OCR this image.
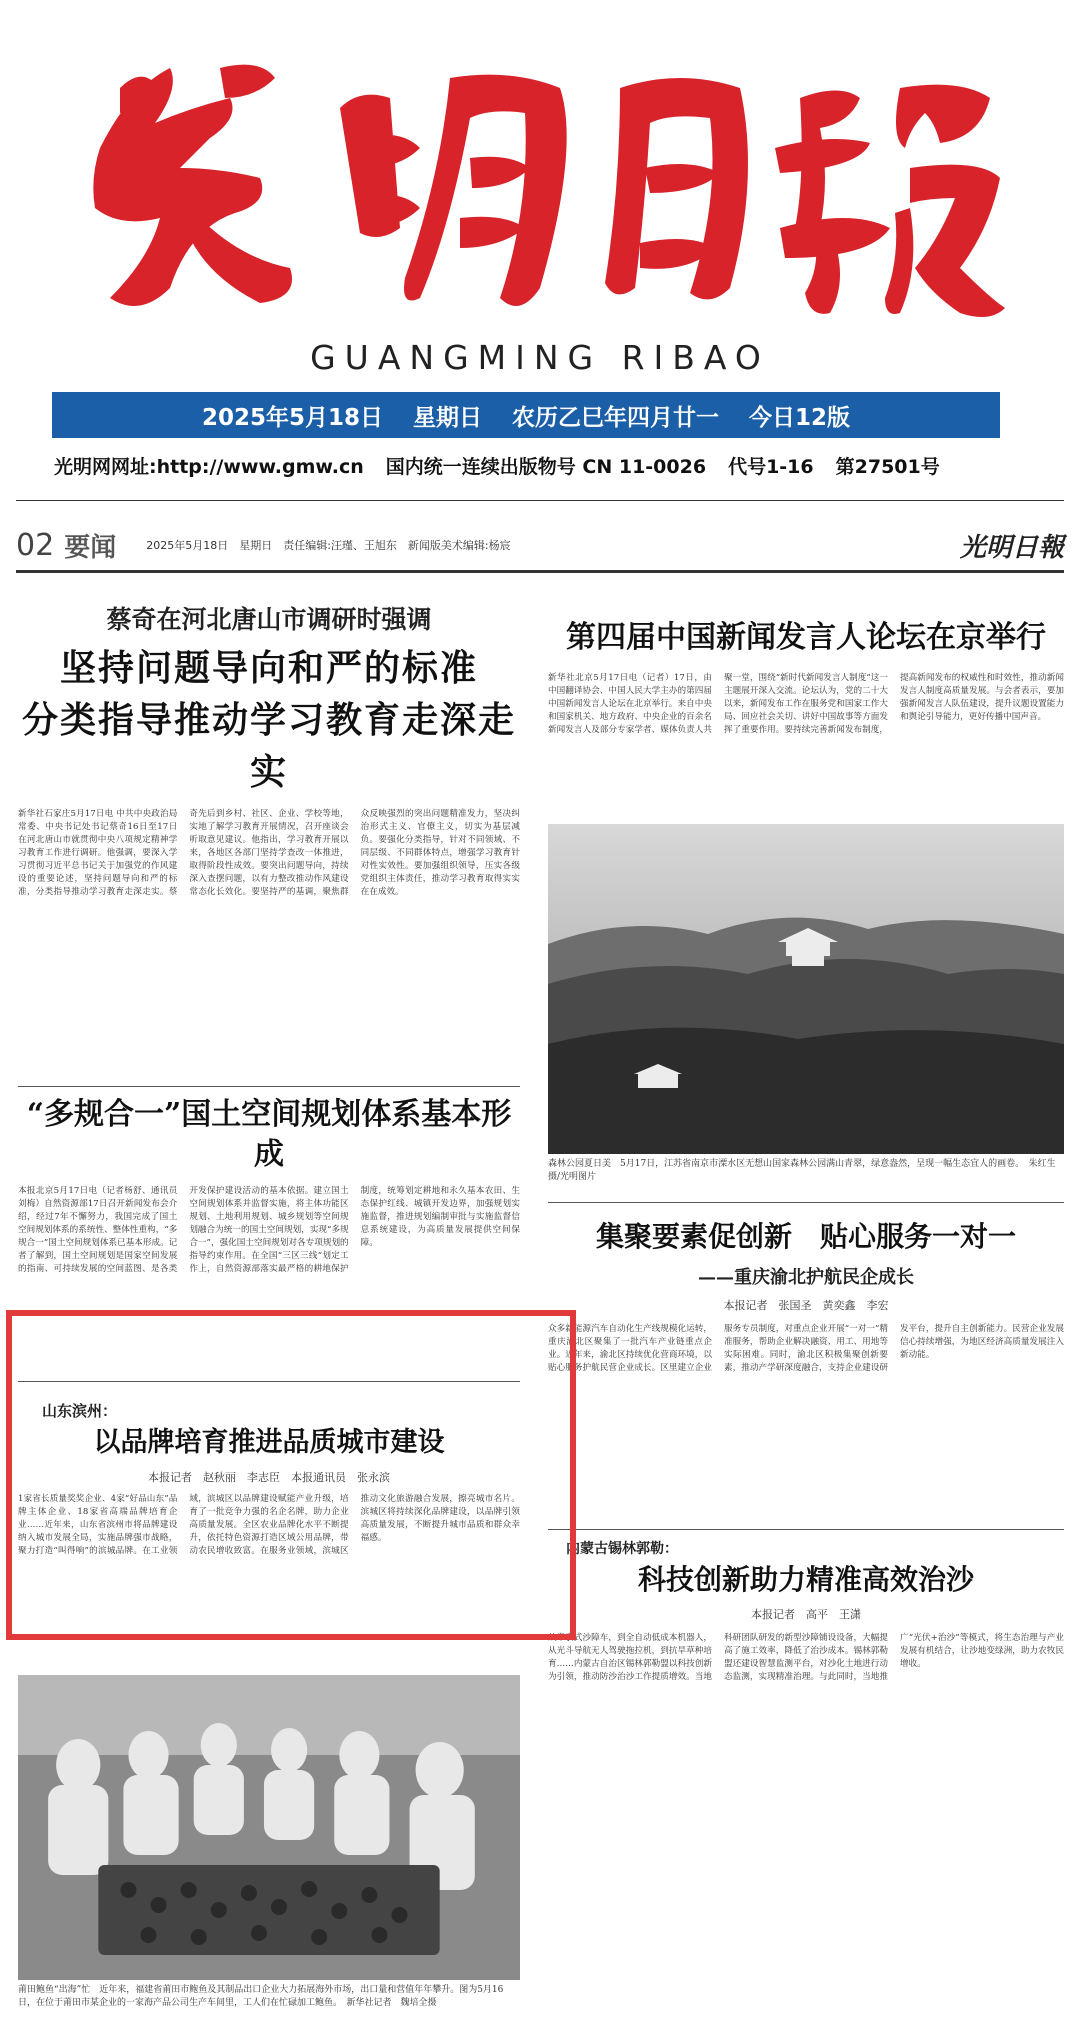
GUANGMING RIBAO
2025年5月18日 星期日 农历乙巳年四月廿一 今日12版
光明网网址:http://www.gmw.cn 国内统一连续出版物号 CN 11-0026 代号1-16 第27501号
02 要闻	2025年5月18日　星期日　责任编辑:汪瑾、王旭东　新闻版美术编辑:杨宸	光明日報
蔡奇在河北唐山市调研时强调
坚持问题导向和严的标准
分类指导推动学习教育走深走实
新华社石家庄5月17日电 中共中央政治局常委、中央书记处书记蔡奇16日至17日在河北唐山市就贯彻中央八项规定精神学习教育工作进行调研。他强调，要深入学习贯彻习近平总书记关于加强党的作风建设的重要论述，坚持问题导向和严的标准，分类指导推动学习教育走深走实。蔡奇先后到乡村、社区、企业、学校等地，实地了解学习教育开展情况，召开座谈会听取意见建议。他指出，学习教育开展以来，各地区各部门坚持学查改一体推进，取得阶段性成效。要突出问题导向，持续深入查摆问题，以有力整改推动作风建设常态化长效化。要坚持严的基调，聚焦群众反映强烈的突出问题精准发力，坚决纠治形式主义、官僚主义，切实为基层减负。要强化分类指导，针对不同领域、不同层级、不同群体特点，增强学习教育针对性实效性。要加强组织领导，压实各级党组织主体责任，推动学习教育取得实实在在成效。
“多规合一”国土空间规划体系基本形成
本报北京5月17日电（记者杨舒、通讯员刘梅）自然资源部17日召开新闻发布会介绍，经过7年不懈努力，我国完成了国土空间规划体系的系统性、整体性重构，“多规合一”国土空间规划体系已基本形成。记者了解到，国土空间规划是国家空间发展的指南、可持续发展的空间蓝图、是各类开发保护建设活动的基本依据。建立国土空间规划体系并监督实施，将主体功能区规划、土地利用规划、城乡规划等空间规划融合为统一的国土空间规划，实现“多规合一”，强化国土空间规划对各专项规划的指导约束作用。在全国“三区三线”划定工作上，自然资源部落实最严格的耕地保护制度，统筹划定耕地和永久基本农田、生态保护红线、城镇开发边界，加强规划实施监督，推进规划编制审批与实施监督信息系统建设，为高质量发展提供空间保障。
山东滨州：
以品牌培育推进品质城市建设
本报记者　赵秋丽　李志臣　本报通讯员　张永滨
1家省长质量奖奖企业、4家“好品山东”品牌主体企业、18家省高端品牌培育企业……近年来，山东省滨州市将品牌建设纳入城市发展全局，实施品牌强市战略，聚力打造“叫得响”的滨城品牌。在工业领域，滨城区以品牌建设赋能产业升级，培育了一批竞争力强的名企名牌，助力企业高质量发展。全区农业品牌化水平不断提升，依托特色资源打造区域公用品牌，带动农民增收致富。在服务业领域，滨城区推动文化旅游融合发展，擦亮城市名片。滨城区将持续深化品牌建设，以品牌引领高质量发展，不断提升城市品质和群众幸福感。
莆田鲍鱼“出海”忙　近年来，福建省莆田市鲍鱼及其制品出口企业大力拓展海外市场，出口量和营值年年攀升。图为5月16日，在位于莆田市某企业的一家海产品公司生产车间里，工人们在忙碌加工鲍鱼。　新华社记者　魏培全摄
第四届中国新闻发言人论坛在京举行
新华社北京5月17日电（记者）17日，由中国翻译协会、中国人民大学主办的第四届中国新闻发言人论坛在北京举行。来自中央和国家机关、地方政府、中央企业的百余名新闻发言人及部分专家学者、媒体负责人共聚一堂，围绕“新时代新闻发言人制度”这一主题展开深入交流。论坛认为，党的二十大以来，新闻发布工作在服务党和国家工作大局、回应社会关切、讲好中国故事等方面发挥了重要作用。要持续完善新闻发布制度，提高新闻发布的权威性和时效性，推动新闻发言人制度高质量发展。与会者表示，要加强新闻发言人队伍建设，提升议题设置能力和舆论引导能力，更好传播中国声音。
森林公园夏日美　5月17日，江苏省南京市溧水区无想山国家森林公园满山青翠，绿意盎然，呈现一幅生态宜人的画卷。　朱红生摄/光明图片
集聚要素促创新　贴心服务一对一
——重庆渝北护航民企成长
本报记者　张国圣　黄奕鑫　李宏
众多新能源汽车自动化生产线规模化运转，重庆渝北区聚集了一批汽车产业链重点企业。近年来，渝北区持续优化营商环境，以贴心服务护航民营企业成长。区里建立企业服务专员制度，对重点企业开展“一对一”精准服务，帮助企业解决融资、用工、用地等实际困难。同时，渝北区积极集聚创新要素，推动产学研深度融合，支持企业建设研发平台，提升自主创新能力。民营企业发展信心持续增强，为地区经济高质量发展注入新动能。
内蒙古锡林郭勒：
科技创新助力精准高效治沙
本报记者　高平　王潇
从牵引式沙障车，到全自动低成本机器人，从光斗导航无人驾驶拖拉机，到抗旱草种培育……内蒙古自治区锡林郭勒盟以科技创新为引领，推动防沙治沙工作提质增效。当地科研团队研发的新型沙障铺设设备，大幅提高了施工效率，降低了治沙成本。锡林郭勒盟还建设智慧监测平台，对沙化土地进行动态监测，实现精准治理。与此同时，当地推广“光伏+治沙”等模式，将生态治理与产业发展有机结合，让沙地变绿洲，助力农牧民增收。
